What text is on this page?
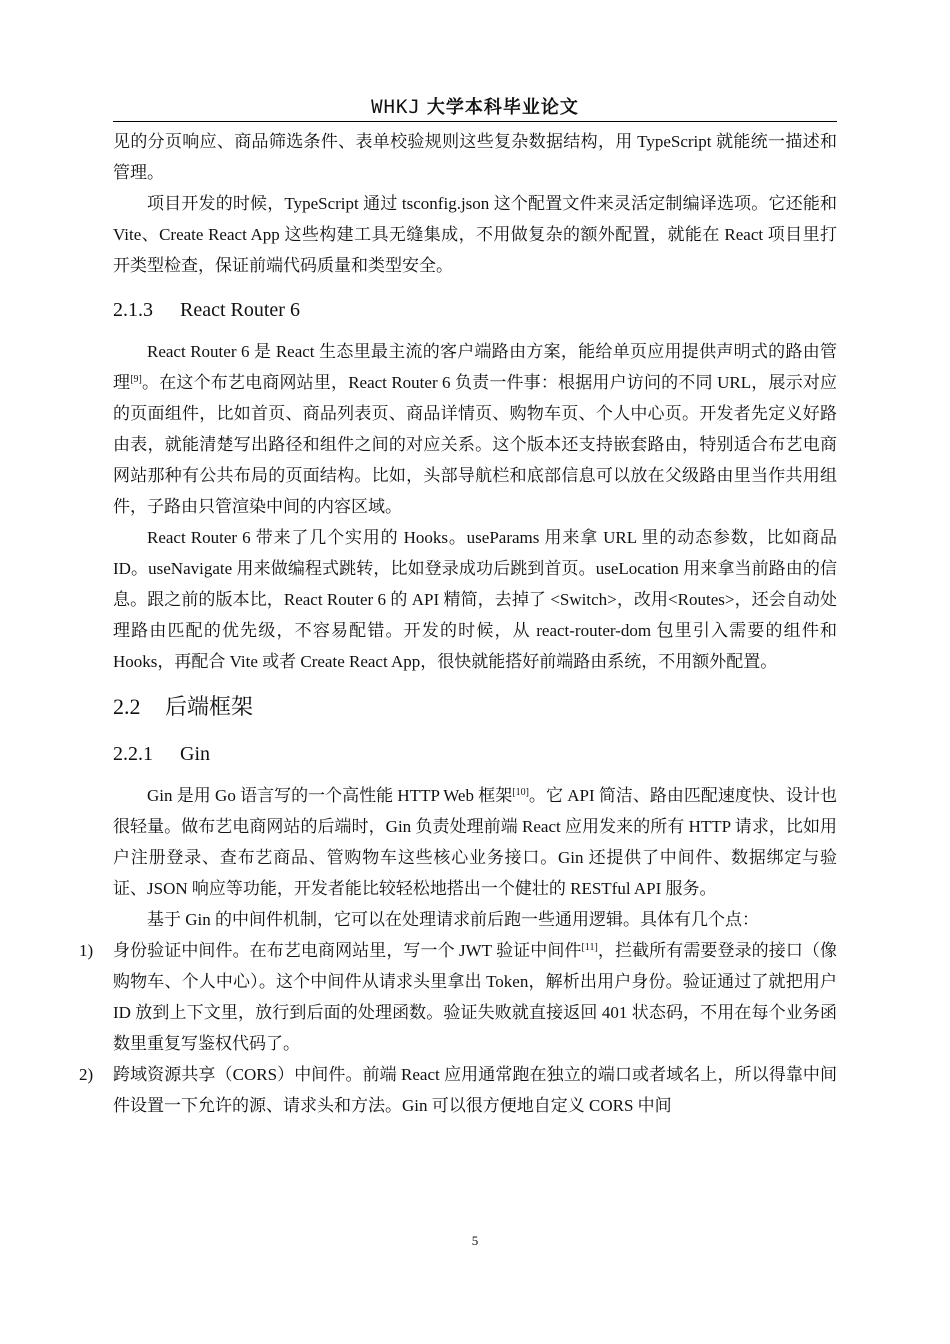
WHKJ 大学本科毕业论文

见的分页响应、商品筛选条件、表单校验规则这些复杂数据结构，用 TypeScript 就能统一描述和管理。

项目开发的时候，TypeScript 通过 tsconfig.json 这个配置文件来灵活定制编译选项。它还能和 Vite、Create React App 这些构建工具无缝集成，不用做复杂的额外配置，就能在 React 项目里打开类型检查，保证前端代码质量和类型安全。

2.1.3 React Router 6

React Router 6 是 React 生态里最主流的客户端路由方案，能给单页应用提供声明式的路由管理[9]。在这个布艺电商网站里，React Router 6 负责一件事：根据用户访问的不同 URL，展示对应的页面组件，比如首页、商品列表页、商品详情页、购物车页、个人中心页。开发者先定义好路由表，就能清楚写出路径和组件之间的对应关系。这个版本还支持嵌套路由，特别适合布艺电商网站那种有公共布局的页面结构。比如，头部导航栏和底部信息可以放在父级路由里当作共用组件，子路由只管渲染中间的内容区域。

React Router 6 带来了几个实用的 Hooks。useParams 用来拿 URL 里的动态参数，比如商品 ID。useNavigate 用来做编程式跳转，比如登录成功后跳到首页。useLocation 用来拿当前路由的信息。跟之前的版本比，React Router 6 的 API 精简，去掉了 <Switch>，改用<Routes>，还会自动处理路由匹配的优先级，不容易配错。开发的时候，从 react-router-dom 包里引入需要的组件和 Hooks，再配合 Vite 或者 Create React App，很快就能搭好前端路由系统，不用额外配置。

2.2 后端框架
2.2.1 Gin

Gin 是用 Go 语言写的一个高性能 HTTP Web 框架[10]。它 API 简洁、路由匹配速度快、设计也很轻量。做布艺电商网站的后端时，Gin 负责处理前端 React 应用发来的所有 HTTP 请求，比如用户注册登录、查布艺商品、管购物车这些核心业务接口。Gin 还提供了中间件、数据绑定与验证、JSON 响应等功能，开发者能比较轻松地搭出一个健壮的 RESTful API 服务。

基于 Gin 的中间件机制，它可以在处理请求前后跑一些通用逻辑。具体有几个点：

1) 身份验证中间件。在布艺电商网站里，写一个 JWT 验证中间件[11]，拦截所有需要登录的接口（像购物车、个人中心）。这个中间件从请求头里拿出 Token，解析出用户身份。验证通过了就把用户 ID 放到上下文里，放行到后面的处理函数。验证失败就直接返回 401 状态码，不用在每个业务函数里重复写鉴权代码了。

2) 跨域资源共享（CORS）中间件。前端 React 应用通常跑在独立的端口或者域名上，所以得靠中间件设置一下允许的源、请求头和方法。Gin 可以很方便地自定义 CORS 中间

5
